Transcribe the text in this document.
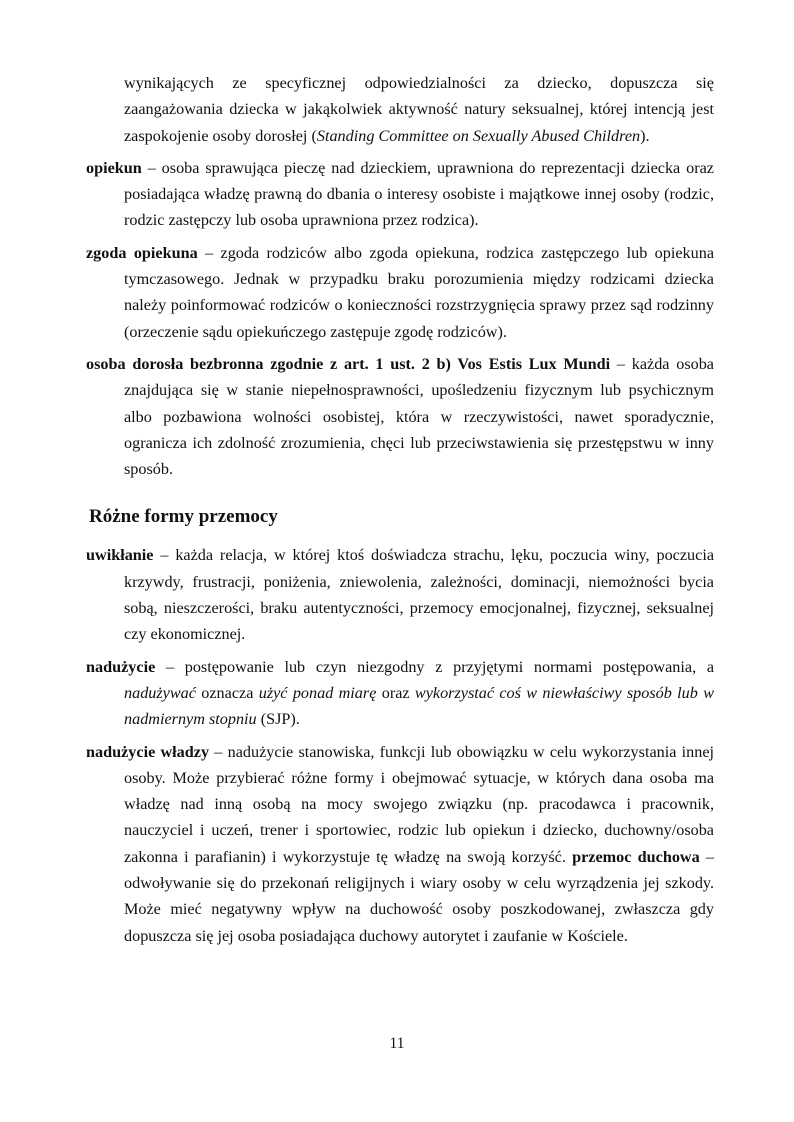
wynikających ze specyficznej odpowiedzialności za dziecko, dopuszcza się zaangażowania dziecka w jakąkolwiek aktywność natury seksualnej, której intencją jest zaspokojenie osoby dorosłej (Standing Committee on Sexually Abused Children).

opiekun – osoba sprawująca pieczę nad dzieckiem, uprawniona do reprezentacji dziecka oraz posiadająca władzę prawną do dbania o interesy osobiste i majątkowe innej osoby (rodzic, rodzic zastępczy lub osoba uprawniona przez rodzica).

zgoda opiekuna – zgoda rodziców albo zgoda opiekuna, rodzica zastępczego lub opiekuna tymczasowego. Jednak w przypadku braku porozumienia między rodzicami dziecka należy poinformować rodziców o konieczności rozstrzygnięcia sprawy przez sąd rodzinny (orzeczenie sądu opiekuńczego zastępuje zgodę rodziców).

osoba dorosła bezbronna zgodnie z art. 1 ust. 2 b) Vos Estis Lux Mundi – każda osoba znajdująca się w stanie niepełnosprawności, upośledzeniu fizycznym lub psychicznym albo pozbawiona wolności osobistej, która w rzeczywistości, nawet sporadycznie, ogranicza ich zdolność zrozumienia, chęci lub przeciwstawienia się przestępstwu w inny sposób.

Różne formy przemocy

uwikłanie – każda relacja, w której ktoś doświadcza strachu, lęku, poczucia winy, poczucia krzywdy, frustracji, poniżenia, zniewolenia, zależności, dominacji, niemożności bycia sobą, nieszczerości, braku autentyczności, przemocy emocjonalnej, fizycznej, seksualnej czy ekonomicznej.

nadużycie – postępowanie lub czyn niezgodny z przyjętymi normami postępowania, a nadużywać oznacza użyć ponad miarę oraz wykorzystać coś w niewłaściwy sposób lub w nadmiernym stopniu (SJP).

nadużycie władzy – nadużycie stanowiska, funkcji lub obowiązku w celu wykorzystania innej osoby. Może przybierać różne formy i obejmować sytuacje, w których dana osoba ma władzę nad inną osobą na mocy swojego związku (np. pracodawca i pracownik, nauczyciel i uczeń, trener i sportowiec, rodzic lub opiekun i dziecko, duchowny/osoba zakonna i parafianin) i wykorzystuje tę władzę na swoją korzyść. przemoc duchowa – odwoływanie się do przekonań religijnych i wiary osoby w celu wyrządzenia jej szkody. Może mieć negatywny wpływ na duchowość osoby poszkodowanej, zwłaszcza gdy dopuszcza się jej osoba posiadająca duchowy autorytet i zaufanie w Kościele.

11
